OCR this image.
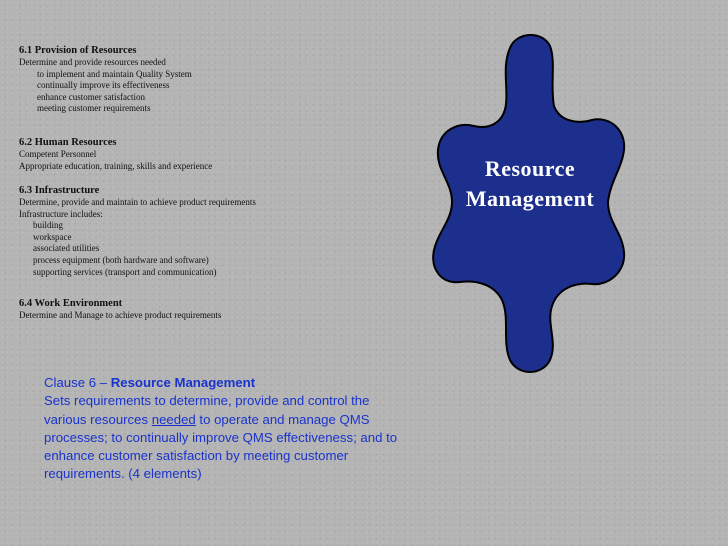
6.1 Provision of Resources

Determine and provide resources needed

to implement and maintain Quality System

continually improve its effectiveness

enhance customer satisfaction

meeting customer requirements

6.2 Human Resources

Competent Personnel

Appropriate education, training, skills and experience

6.3 Infrastructure

Determine, provide and maintain to achieve product requirements

Infrastructure includes:

building

workspace

associated utilities

process equipment (both hardware and software)

supporting services (transport and communication)

6.4 Work Environment

Determine and Manage to achieve product requirements

Resource
Management
Clause 6 – Resource Management
Sets requirements to determine, provide and control the various resources needed to operate and manage QMS processes; to continually improve QMS effectiveness; and to enhance customer satisfaction by meeting customer requirements. (4 elements)
